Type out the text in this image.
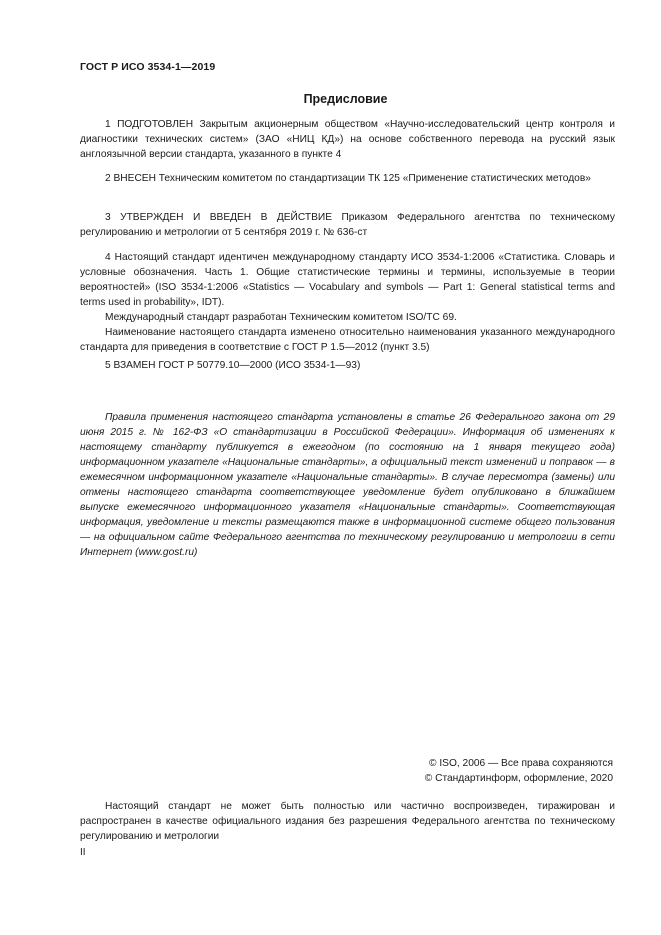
ГОСТ Р ИСО 3534-1—2019
Предисловие

1 ПОДГОТОВЛЕН Закрытым акционерным обществом «Научно-исследовательский центр контроля и диагностики технических систем» (ЗАО «НИЦ КД») на основе собственного перевода на русский язык англоязычной версии стандарта, указанного в пункте 4

2 ВНЕСЕН Техническим комитетом по стандартизации ТК 125 «Применение статистических методов»

3 УТВЕРЖДЕН И ВВЕДЕН В ДЕЙСТВИЕ Приказом Федерального агентства по техническому регулированию и метрологии от 5 сентября 2019 г. № 636-ст

4 Настоящий стандарт идентичен международному стандарту ИСО 3534-1:2006 «Статистика. Словарь и условные обозначения. Часть 1. Общие статистические термины и термины, используемые в теории вероятностей» (ISO 3534-1:2006 «Statistics — Vocabulary and symbols — Part 1: General statistical terms and terms used in probability», IDT).

Международный стандарт разработан Техническим комитетом ISO/TC 69.

Наименование настоящего стандарта изменено относительно наименования указанного международного стандарта для приведения в соответствие с ГОСТ Р 1.5—2012 (пункт 3.5)

5 ВЗАМЕН ГОСТ Р 50779.10—2000 (ИСО 3534-1—93)

Правила применения настоящего стандарта установлены в статье 26 Федерального закона от 29 июня 2015 г. № 162-ФЗ «О стандартизации в Российской Федерации». Информация об изменениях к настоящему стандарту публикуется в ежегодном (по состоянию на 1 января текущего года) информационном указателе «Национальные стандарты», а официальный текст изменений и поправок — в ежемесячном информационном указателе «Национальные стандарты». В случае пересмотра (замены) или отмены настоящего стандарта соответствующее уведомление будет опубликовано в ближайшем выпуске ежемесячного информационного указателя «Национальные стандарты». Соответствующая информация, уведомление и тексты размещаются также в информационной системе общего пользования — на официальном сайте Федерального агентства по техническому регулированию и метрологии в сети Интернет (www.gost.ru)

© ISO, 2006 — Все права сохраняются
© Стандартинформ, оформление, 2020

Настоящий стандарт не может быть полностью или частично воспроизведен, тиражирован и распространен в качестве официального издания без разрешения Федерального агентства по техническому регулированию и метрологии

II
